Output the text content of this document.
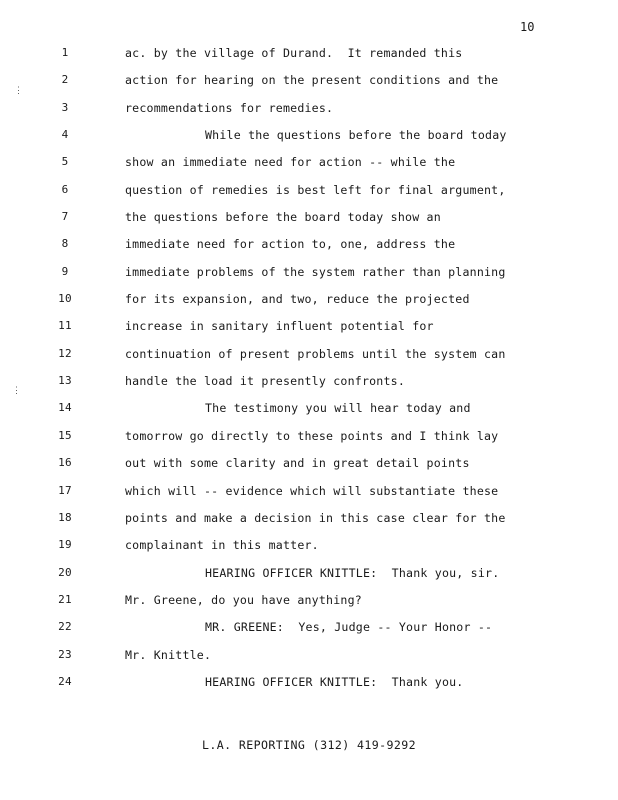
10
1	ac. by the village of Durand.  It remanded this
2	action for hearing on the present conditions and the
3	recommendations for remedies.
4	While the questions before the board today
5	show an immediate need for action -- while the
6	question of remedies is best left for final argument,
7	the questions before the board today show an
8	immediate need for action to, one, address the
9	immediate problems of the system rather than planning
10	for its expansion, and two, reduce the projected
11	increase in sanitary influent potential for
12	continuation of present problems until the system can
13	handle the load it presently confronts.
14	The testimony you will hear today and
15	tomorrow go directly to these points and I think lay
16	out with some clarity and in great detail points
17	which will -- evidence which will substantiate these
18	points and make a decision in this case clear for the
19	complainant in this matter.
20	HEARING OFFICER KNITTLE:  Thank you, sir.
21	Mr. Greene, do you have anything?
22	MR. GREENE:  Yes, Judge -- Your Honor --
23	Mr. Knittle.
24	HEARING OFFICER KNITTLE:  Thank you.
L.A. REPORTING (312) 419-9292
⋮
⋮
